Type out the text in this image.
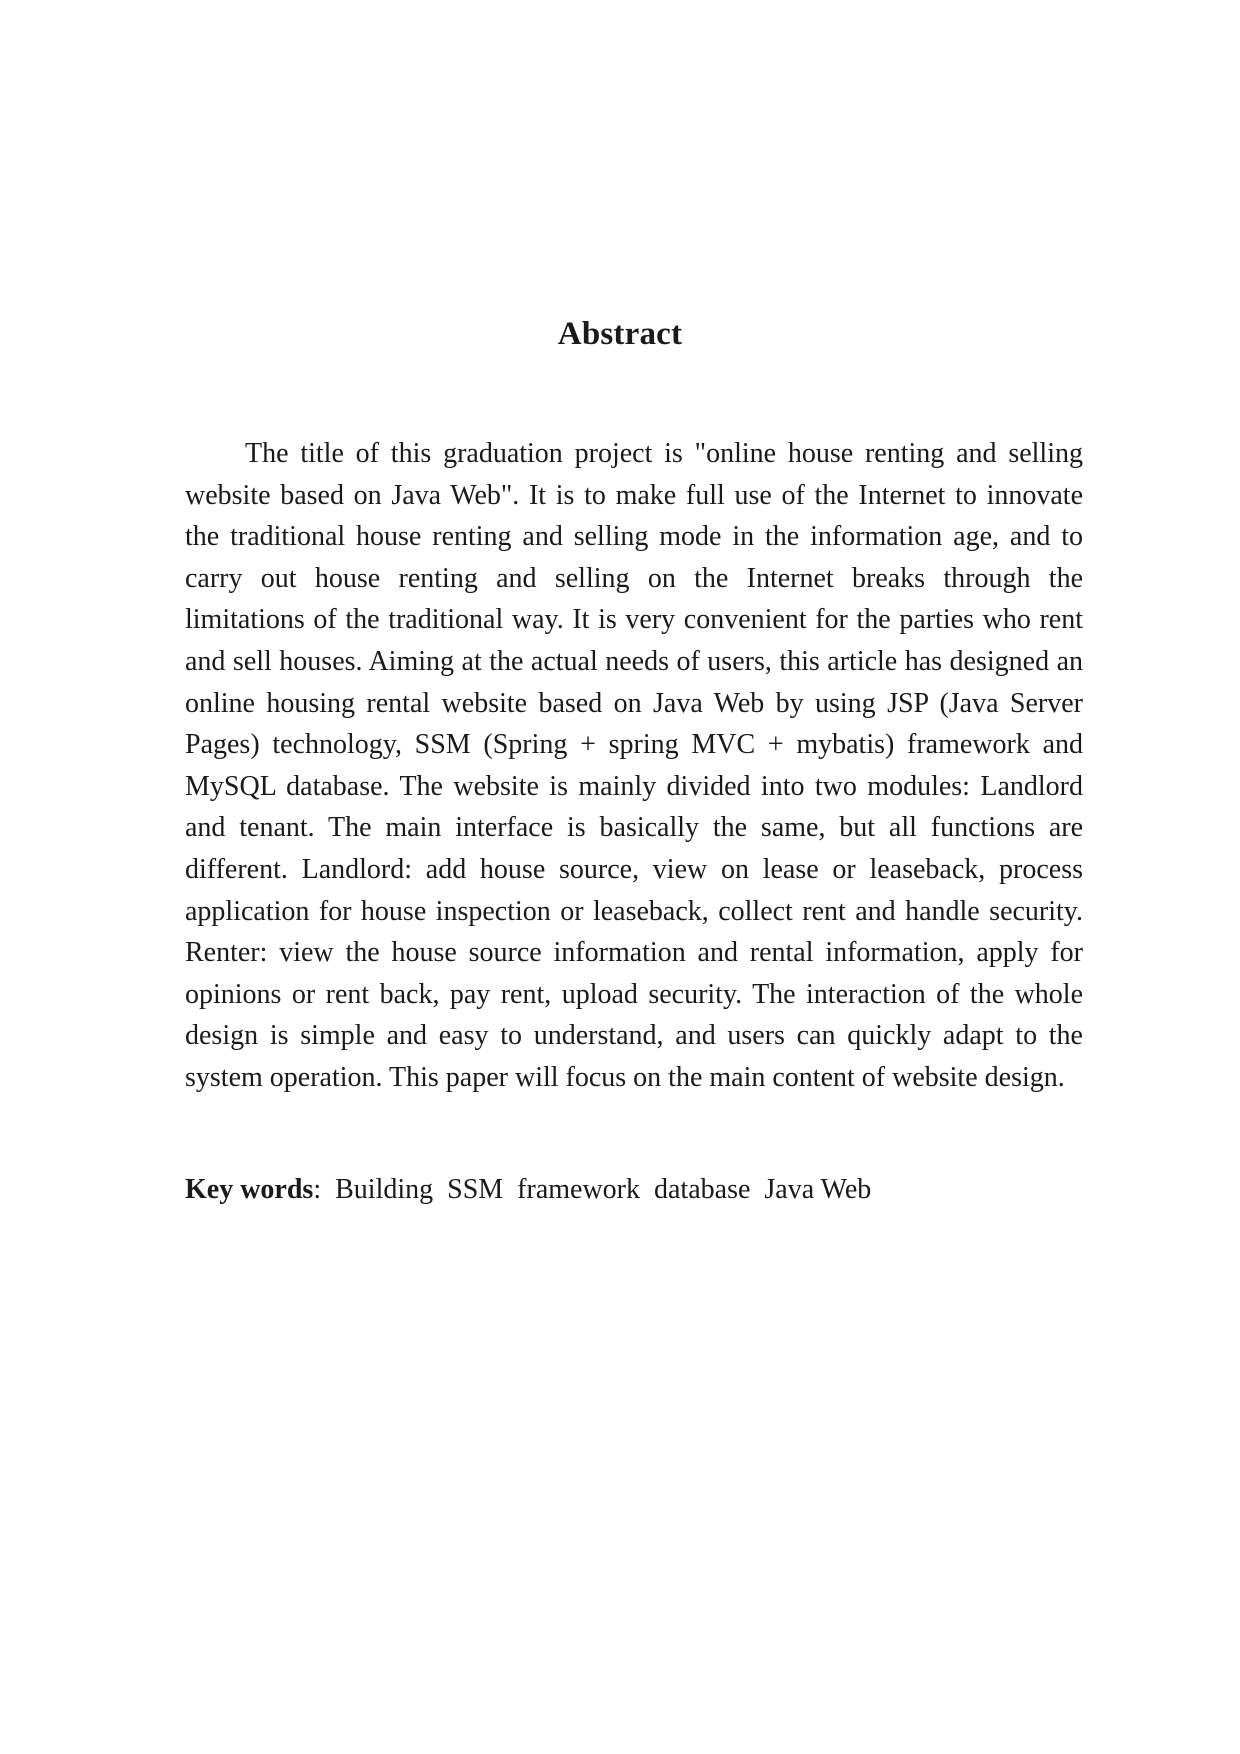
Abstract

The title of this graduation project is "online house renting and selling website based on Java Web". It is to make full use of the Internet to innovate the traditional house renting and selling mode in the information age, and to carry out house renting and selling on the Internet breaks through the limitations of the traditional way. It is very convenient for the parties who rent and sell houses. Aiming at the actual needs of users, this article has designed an online housing rental website based on Java Web by using JSP (Java Server Pages) technology, SSM (Spring + spring MVC + mybatis) framework and MySQL database. The website is mainly divided into two modules: Landlord and tenant. The main interface is basically the same, but all functions are different. Landlord: add house source, view on lease or leaseback, process application for house inspection or leaseback, collect rent and handle security. Renter: view the house source information and rental information, apply for opinions or rent back, pay rent, upload security. The interaction of the whole design is simple and easy to understand, and users can quickly adapt to the system operation. This paper will focus on the main content of website design.

Key words: Building SSM framework database Java Web
